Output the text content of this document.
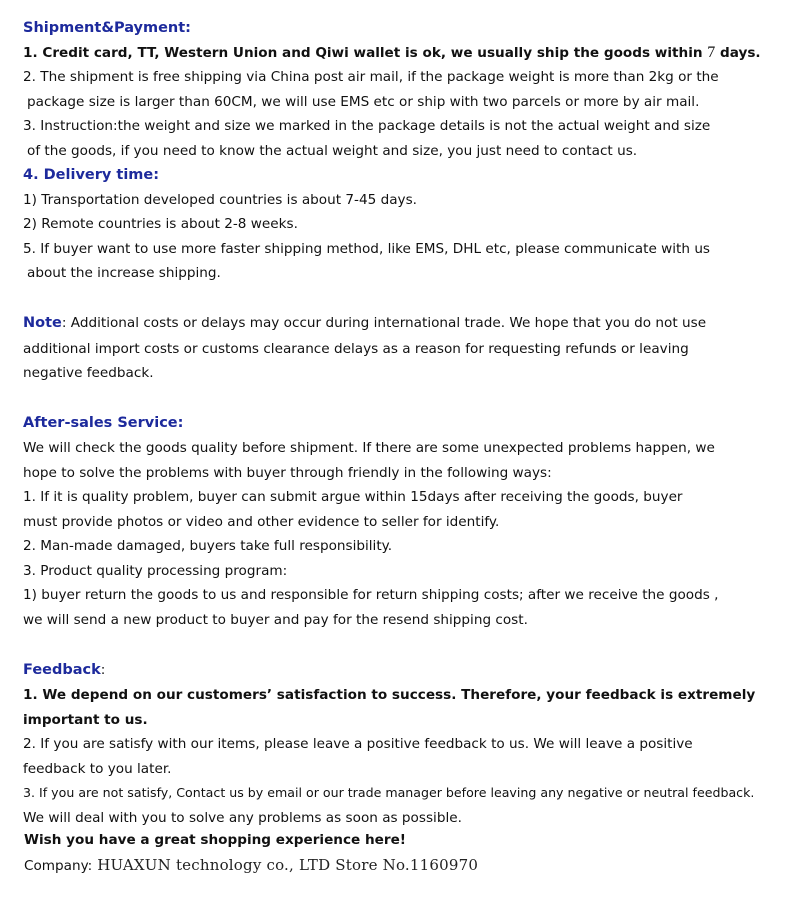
Shipment&Payment:
1. Credit card, TT, Western Union and Qiwi wallet is ok, we usually ship the goods within 7 days.
2. The shipment is free shipping via China post air mail, if the package weight is more than 2kg or the
package size is larger than 60CM, we will use EMS etc or ship with two parcels or more by air mail.
3. Instruction:the weight and size we marked in the package details is not the actual weight and size
of the goods, if you need to know the actual weight and size, you just need to contact us.
4. Delivery time:
1) Transportation developed countries is about 7-45 days.
2) Remote countries is about 2-8 weeks.
5. If buyer want to use more faster shipping method, like EMS, DHL etc, please communicate with us
about the increase shipping.
Note: Additional costs or delays may occur during international trade. We hope that you do not use
additional import costs or customs clearance delays as a reason for requesting refunds or leaving
negative feedback.
After-sales Service:
We will check the goods quality before shipment. If there are some unexpected problems happen, we
hope to solve the problems with buyer through friendly in the following ways:
1. If it is quality problem, buyer can submit argue within 15days after receiving the goods, buyer
must provide photos or video and other evidence to seller for identify.
2. Man-made damaged, buyers take full responsibility.
3. Product quality processing program:
1) buyer return the goods to us and responsible for return shipping costs; after we receive the goods ,
we will send a new product to buyer and pay for the resend shipping cost.
Feedback:
1. We depend on our customers’ satisfaction to success. Therefore, your feedback is extremely
important to us.
2. If you are satisfy with our items, please leave a positive feedback to us. We will leave a positive
feedback to you later.
3. If you are not satisfy, Contact us by email or our trade manager before leaving any negative or neutral feedback.
We will deal with you to solve any problems as soon as possible.
Wish you have a great shopping experience here!
Company: HUAXUN technology co., LTD Store No.1160970
